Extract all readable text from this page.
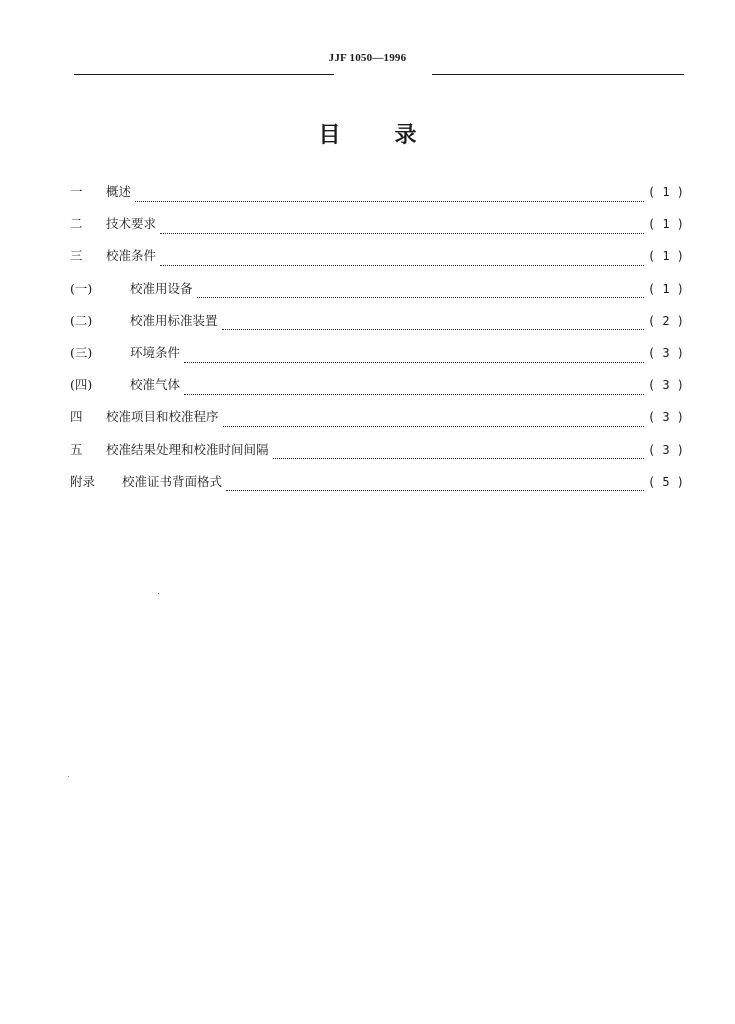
JJF 1050—1996
目 录
一	概述	( 1 )
二	技术要求	( 1 )
三	校准条件	( 1 )
(一)	校准用设备	( 1 )
(二)	校准用标准装置	( 2 )
(三)	环境条件	( 3 )
(四)	校准气体	( 3 )
四	校准项目和校准程序	( 3 )
五	校准结果处理和校准时间间隔	( 3 )
附录	校准证书背面格式	( 5 )
